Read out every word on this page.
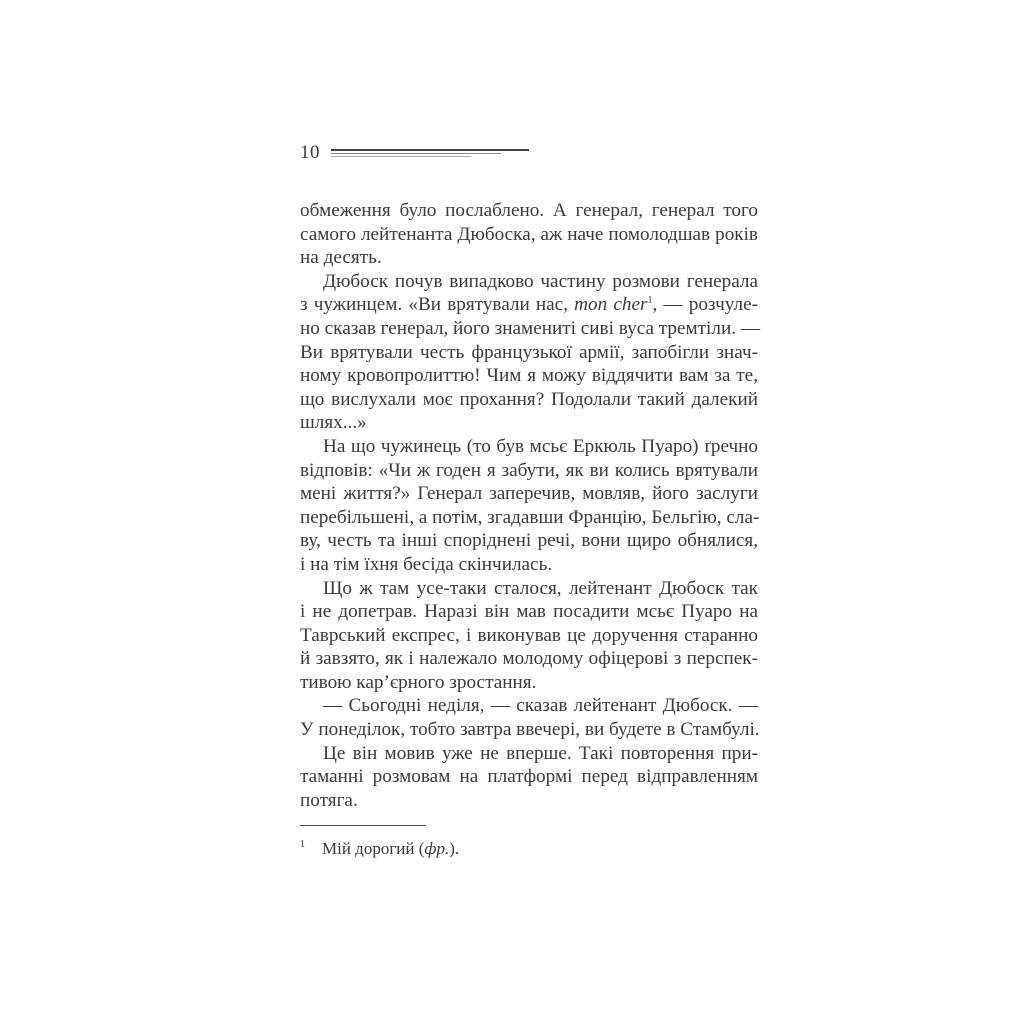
10
обмеження було послаблено. А генерал, генерал того
самого лейтенанта Дюбоска, аж наче помолодшав років
на десять.
Дюбоск почув випадково частину розмови генерала
з чужинцем. «Ви врятували нас, mon cher$^1$, — розчуле-
но сказав генерал, його знамениті сиві вуса тремтіли. —
Ви врятували честь французької армії, запобігли знач-
ному кровопролиттю! Чим я можу віддячити вам за те,
що вислухали моє прохання? Подолали такий далекий
шлях...»
На що чужинець (то був мсьє Еркюль Пуаро) ґречно
відповів: «Чи ж годен я забути, як ви колись врятували
мені життя?» Генерал заперечив, мовляв, його заслуги
перебільшені, а потім, згадавши Францію, Бельгію, сла-
ву, честь та інші споріднені речі, вони щиро обнялися,
і на тім їхня бесіда скінчилась.
Що ж там усе-таки сталося, лейтенант Дюбоск так
і не допетрав. Наразі він мав посадити мсьє Пуаро на
Таврський експрес, і виконував це доручення старанно
й завзято, як і належало молодому офіцерові з перспек-
тивою кар’єрного зростання.
— Сьогодні неділя, — сказав лейтенант Дюбоск. —
У понеділок, тобто завтра ввечері, ви будете в Стамбулі.
Це він мовив уже не вперше. Такі повторення при-
таманні розмовам на платформі перед відправленням
потяга.
1 Мій дорогий (фр.).
